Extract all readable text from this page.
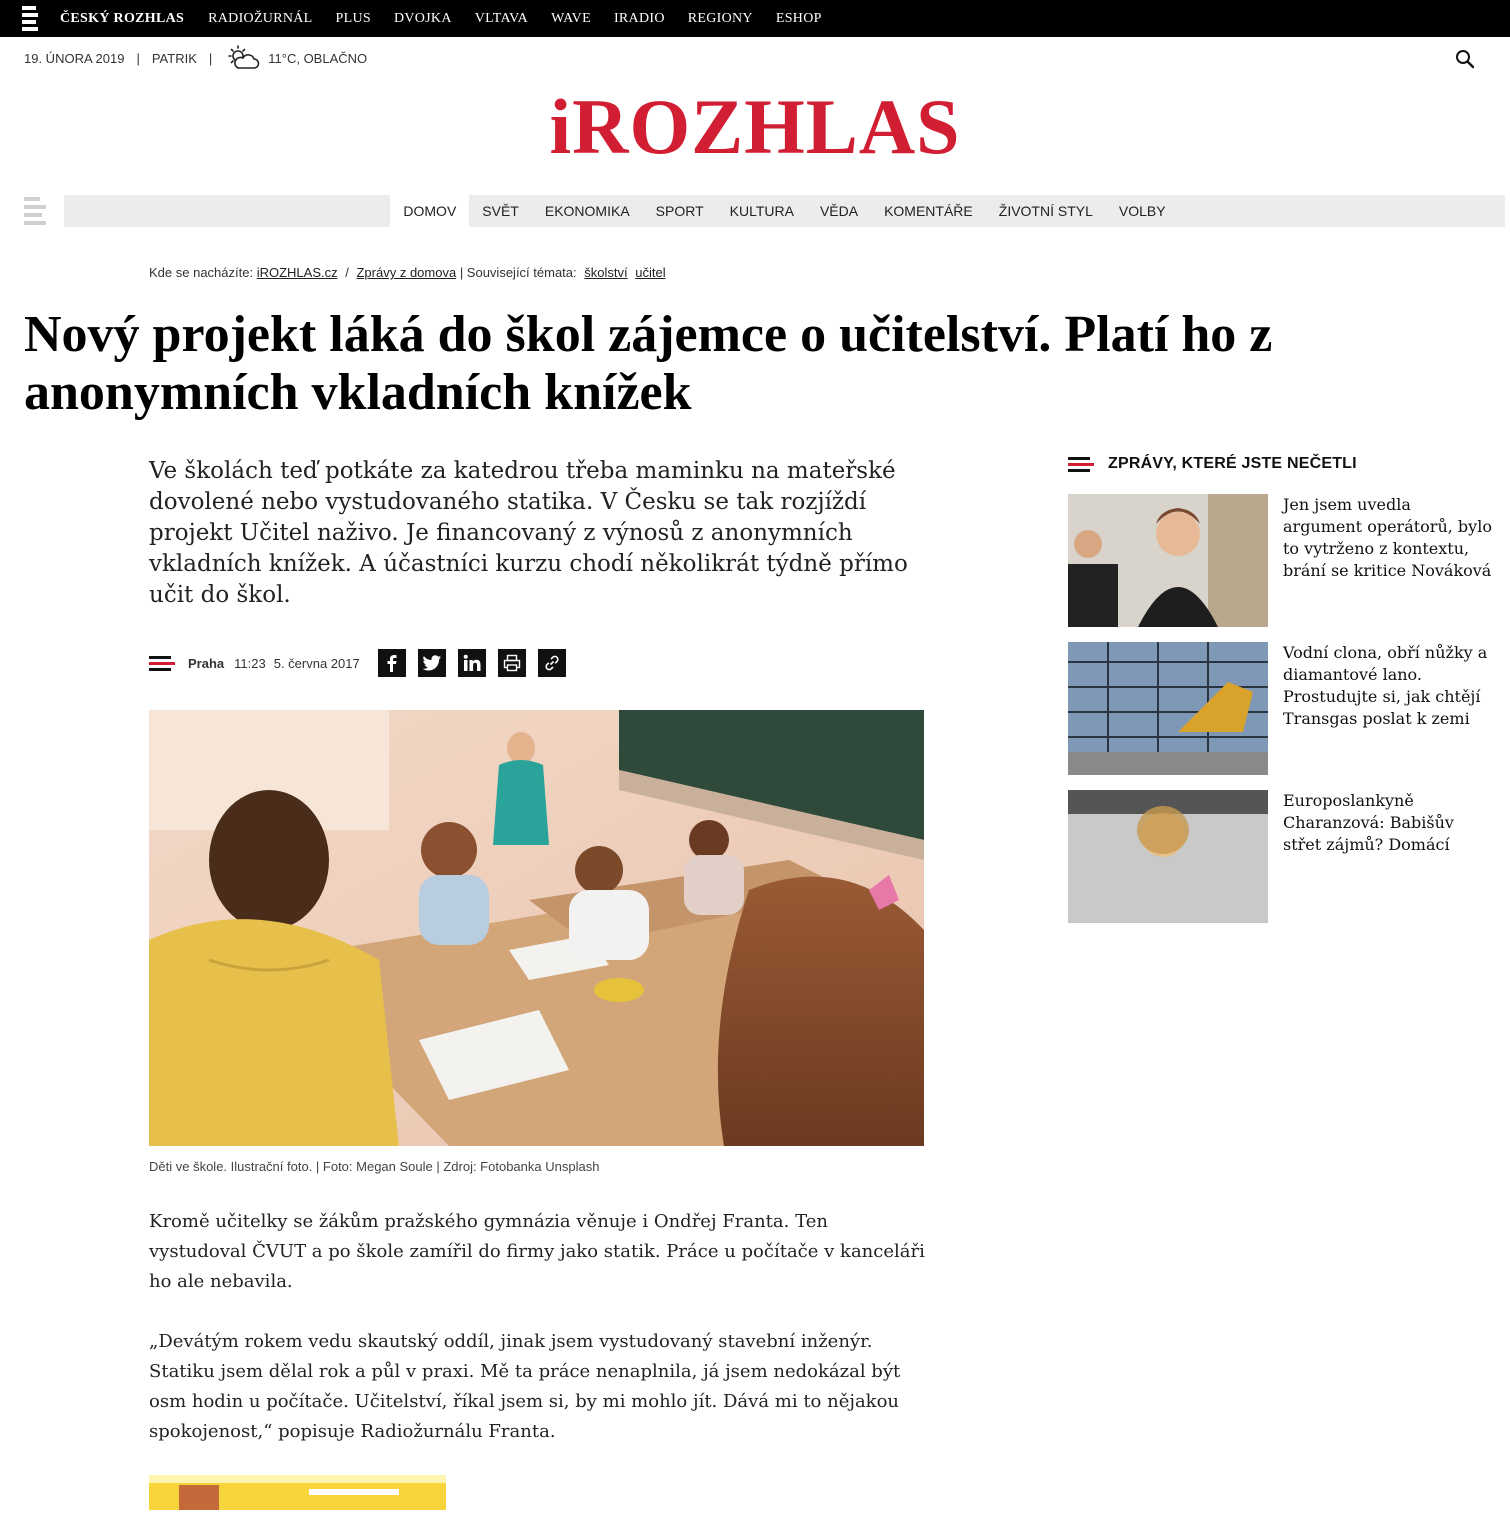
ČESKÝ ROZHLAS RADIOŽURNÁL PLUS DVOJKA VLTAVA WAVE IRADIO REGIONY ESHOP
19. ÚNORA 2019 | PATRIK |	11°C, OBLAČNO
iROZHLAS
DOMOV	SVĚT	EKONOMIKA	SPORT	KULTURA	VĚDA	KOMENTÁŘE	ŽIVOTNÍ STYL	VOLBY
Kde se nacházíte: iROZHLAS.cz / Zprávy z domova | Související témata: školství učitel
Nový projekt láká do škol zájemce o učitelství. Platí ho z anonymních vkladních knížek

Ve školách teď potkáte za katedrou třeba maminku na mateřské dovolené nebo vystudovaného statika. V Česku se tak rozjíždí projekt Učitel naživo. Je financovaný z výnosů z anonymních vkladních knížek. A účastníci kurzu chodí několikrát týdně přímo učit do škol.

Praha 11:23 5. června 2017
Děti ve škole. Ilustrační foto. | Foto: Megan Soule | Zdroj: Fotobanka Unsplash

Kromě učitelky se žákům pražského gymnázia věnuje i Ondřej Franta. Ten vystudoval ČVUT a po škole zamířil do firmy jako statik. Práce u počítače v kanceláři ho ale nebavila.

„Devátým rokem vedu skautský oddíl, jinak jsem vystudovaný stavební inženýr. Statiku jsem dělal rok a půl v praxi. Mě ta práce nenaplnila, já jsem nedokázal být osm hodin u počítače. Učitelství, říkal jsem si, by mi mohlo jít. Dává mi to nějakou spokojenost,“ popisuje Radiožurnálu Franta.

ZPRÁVY, KTERÉ JSTE NEČETLI
Jen jsem uvedla argument operátorů, bylo to vytrženo z kontextu, brání se kritice Nováková
Vodní clona, obří nůžky a diamantové lano. Prostudujte si, jak chtějí Transgas poslat k zemi
Europoslankyně Charanzová: Babišův střet zájmů? Domácí
